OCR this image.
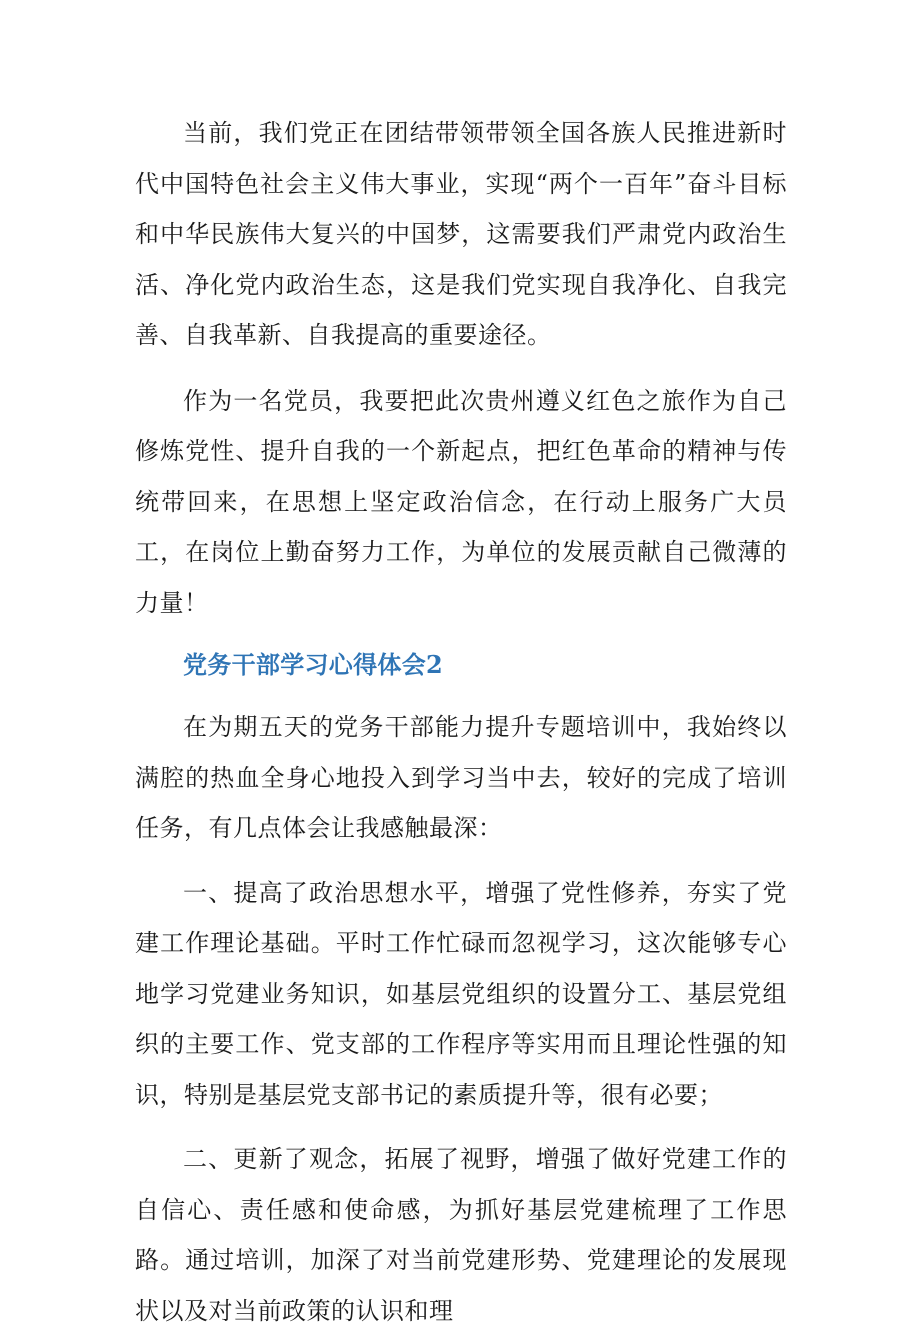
当前，我们党正在团结带领带领全国各族人民推进新时代中国特色社会主义伟大事业，实现“两个一百年”奋斗目标和中华民族伟大复兴的中国梦，这需要我们严肃党内政治生活、净化党内政治生态，这是我们党实现自我净化、自我完善、自我革新、自我提高的重要途径。

作为一名党员，我要把此次贵州遵义红色之旅作为自己修炼党性、提升自我的一个新起点，把红色革命的精神与传统带回来，在思想上坚定政治信念，在行动上服务广大员工，在岗位上勤奋努力工作，为单位的发展贡献自己微薄的力量！

党务干部学习心得体会2

在为期五天的党务干部能力提升专题培训中，我始终以满腔的热血全身心地投入到学习当中去，较好的完成了培训任务，有几点体会让我感触最深：

一、提高了政治思想水平，增强了党性修养，夯实了党建工作理论基础。平时工作忙碌而忽视学习，这次能够专心地学习党建业务知识，如基层党组织的设置分工、基层党组织的主要工作、党支部的工作程序等实用而且理论性强的知识，特别是基层党支部书记的素质提升等，很有必要；

二、更新了观念，拓展了视野，增强了做好党建工作的自信心、责任感和使命感，为抓好基层党建梳理了工作思路。通过培训，加深了对当前党建形势、党建理论的发展现状以及对当前政策的认识和理
